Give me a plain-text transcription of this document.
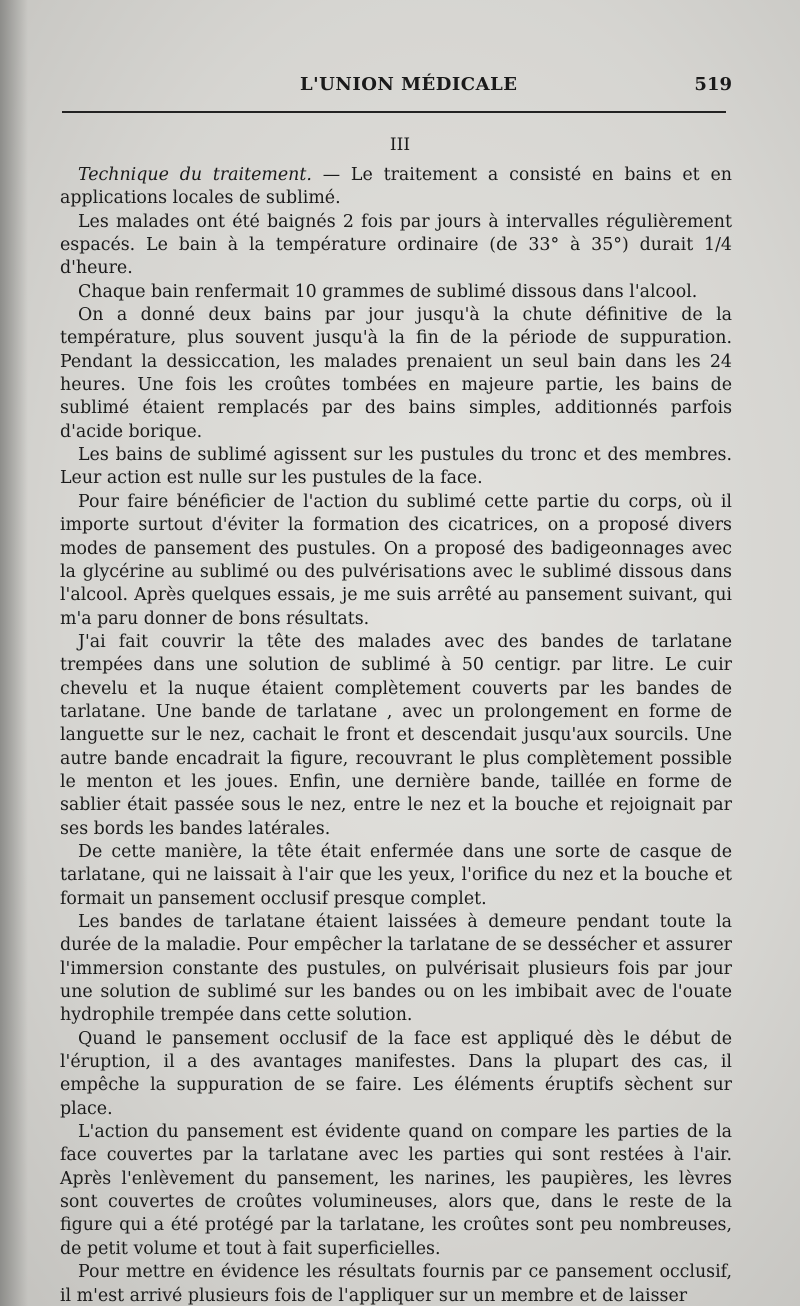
L'UNION MÉDICALE	519
III

Technique du traitement. — Le traitement a consisté en bains et en applications locales de sublimé.

Les malades ont été baignés 2 fois par jours à intervalles régulièrement espacés. Le bain à la température ordinaire (de 33° à 35°) durait 1/4 d'heure.

Chaque bain renfermait 10 grammes de sublimé dissous dans l'alcool.

On a donné deux bains par jour jusqu'à la chute définitive de la température, plus souvent jusqu'à la fin de la période de suppuration. Pendant la dessiccation, les malades prenaient un seul bain dans les 24 heures. Une fois les croûtes tombées en majeure partie, les bains de sublimé étaient remplacés par des bains simples, additionnés parfois d'acide borique.

Les bains de sublimé agissent sur les pustules du tronc et des membres. Leur action est nulle sur les pustules de la face.

Pour faire bénéficier de l'action du sublimé cette partie du corps, où il importe surtout d'éviter la formation des cicatrices, on a proposé divers modes de pansement des pustules. On a proposé des badigeonnages avec la glycérine au sublimé ou des pulvérisations avec le sublimé dissous dans l'alcool. Après quelques essais, je me suis arrêté au pansement suivant, qui m'a paru donner de bons résultats.

J'ai fait couvrir la tête des malades avec des bandes de tarlatane trempées dans une solution de sublimé à 50 centigr. par litre. Le cuir chevelu et la nuque étaient complètement couverts par les bandes de tarlatane. Une bande de tarlatane , avec un prolongement en forme de languette sur le nez, cachait le front et descendait jusqu'aux sourcils. Une autre bande encadrait la figure, recouvrant le plus complètement possible le menton et les joues. Enfin, une dernière bande, taillée en forme de sablier était passée sous le nez, entre le nez et la bouche et rejoignait par ses bords les bandes latérales.

De cette manière, la tête était enfermée dans une sorte de casque de tarlatane, qui ne laissait à l'air que les yeux, l'orifice du nez et la bouche et formait un pansement occlusif presque complet.

Les bandes de tarlatane étaient laissées à demeure pendant toute la durée de la maladie. Pour empêcher la tarlatane de se dessécher et assurer l'immersion constante des pustules, on pulvérisait plusieurs fois par jour une solution de sublimé sur les bandes ou on les imbibait avec de l'ouate hydrophile trempée dans cette solution.

Quand le pansement occlusif de la face est appliqué dès le début de l'éruption, il a des avantages manifestes. Dans la plupart des cas, il empêche la suppuration de se faire. Les éléments éruptifs sèchent sur place.

L'action du pansement est évidente quand on compare les parties de la face couvertes par la tarlatane avec les parties qui sont restées à l'air. Après l'enlèvement du pansement, les narines, les paupières, les lèvres sont couvertes de croûtes volumineuses, alors que, dans le reste de la figure qui a été protégé par la tarlatane, les croûtes sont peu nombreuses, de petit volume et tout à fait superficielles.

Pour mettre en évidence les résultats fournis par ce pansement occlusif, il m'est arrivé plusieurs fois de l'appliquer sur un membre et de laisser
